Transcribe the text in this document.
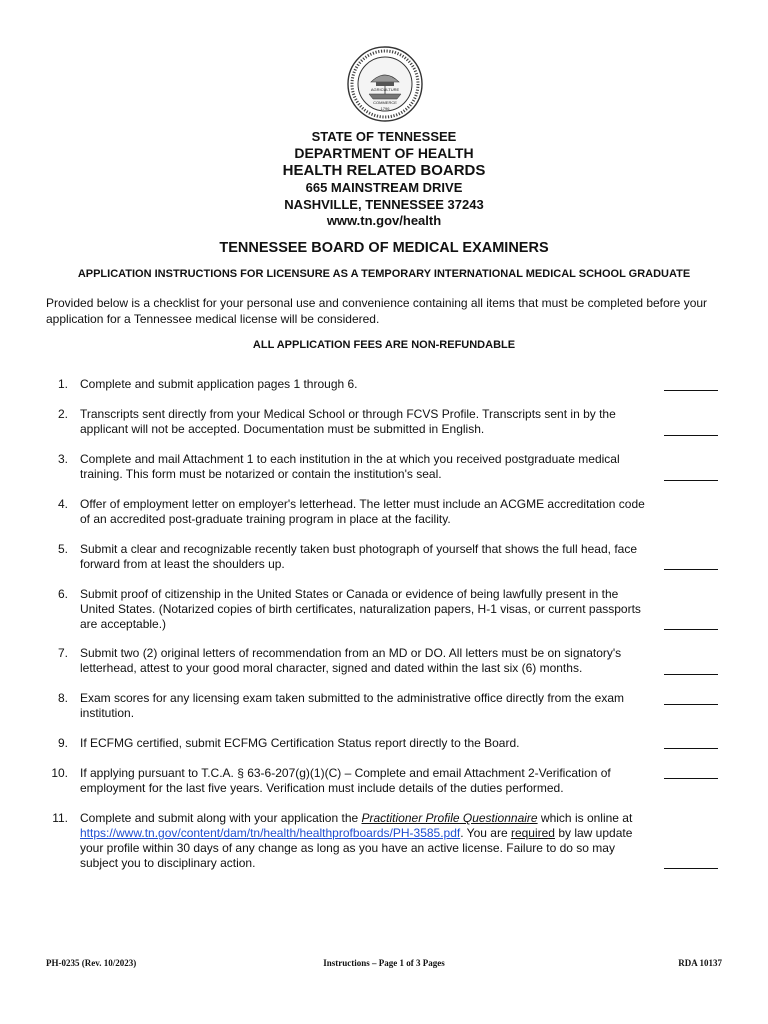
AGRICULTURE
COMMERCE
1796
STATE OF TENNESSEE
DEPARTMENT OF HEALTH
HEALTH RELATED BOARDS
665 MAINSTREAM DRIVE
NASHVILLE, TENNESSEE 37243
www.tn.gov/health
TENNESSEE BOARD OF MEDICAL EXAMINERS
APPLICATION INSTRUCTIONS FOR LICENSURE AS A TEMPORARY INTERNATIONAL MEDICAL SCHOOL GRADUATE
Provided below is a checklist for your personal use and convenience containing all items that must be completed before your application for a Tennessee medical license will be considered.
ALL APPLICATION FEES ARE NON-REFUNDABLE
1. Complete and submit application pages 1 through 6.
2. Transcripts sent directly from your Medical School or through FCVS Profile. Transcripts sent in by the applicant will not be accepted. Documentation must be submitted in English.
3. Complete and mail Attachment 1 to each institution in the at which you received postgraduate medical training. This form must be notarized or contain the institution's seal.
4. Offer of employment letter on employer's letterhead. The letter must include an ACGME accreditation code of an accredited post-graduate training program in place at the facility.
5. Submit a clear and recognizable recently taken bust photograph of yourself that shows the full head, face forward from at least the shoulders up.
6. Submit proof of citizenship in the United States or Canada or evidence of being lawfully present in the United States. (Notarized copies of birth certificates, naturalization papers, H-1 visas, or current passports are acceptable.)
7. Submit two (2) original letters of recommendation from an MD or DO. All letters must be on signatory's letterhead, attest to your good moral character, signed and dated within the last six (6) months.
8. Exam scores for any licensing exam taken submitted to the administrative office directly from the exam institution.
9. If ECFMG certified, submit ECFMG Certification Status report directly to the Board.
10. If applying pursuant to T.C.A. § 63-6-207(g)(1)(C) – Complete and email Attachment 2-Verification of employment for the last five years. Verification must include details of the duties performed.
11. Complete and submit along with your application the Practitioner Profile Questionnaire which is online at https://www.tn.gov/content/dam/tn/health/healthprofboards/PH-3585.pdf. You are required by law update your profile within 30 days of any change as long as you have an active license. Failure to do so may subject you to disciplinary action.
PH-0235 (Rev. 10/2023)	Instructions – Page 1 of 3 Pages	RDA 10137
